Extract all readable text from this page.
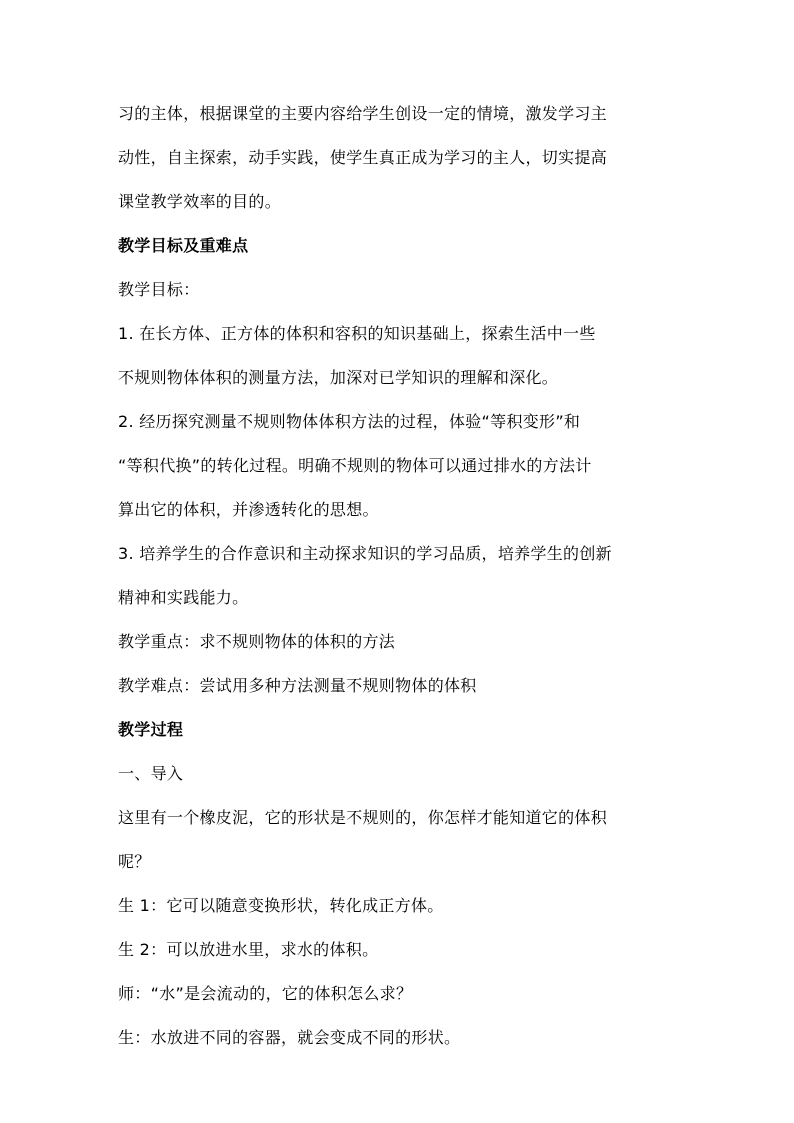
习的主体，根据课堂的主要内容给学生创设一定的情境，激发学习主
动性，自主探索，动手实践，使学生真正成为学习的主人，切实提高
课堂教学效率的目的。
教学目标及重难点
教学目标：
1. 在长方体、正方体的体积和容积的知识基础上，探索生活中一些
不规则物体体积的测量方法，加深对已学知识的理解和深化。
2. 经历探究测量不规则物体体积方法的过程，体验“等积变形”和
“等积代换”的转化过程。明确不规则的物体可以通过排水的方法计
算出它的体积，并渗透转化的思想。
3. 培养学生的合作意识和主动探求知识的学习品质，培养学生的创新
精神和实践能力。
教学重点：求不规则物体的体积的方法
教学难点：尝试用多种方法测量不规则物体的体积
教学过程
一、导入
这里有一个橡皮泥，它的形状是不规则的，你怎样才能知道它的体积
呢？
生 1：它可以随意变换形状，转化成正方体。
生 2：可以放进水里，求水的体积。
师：“水”是会流动的，它的体积怎么求？
生：水放进不同的容器，就会变成不同的形状。
